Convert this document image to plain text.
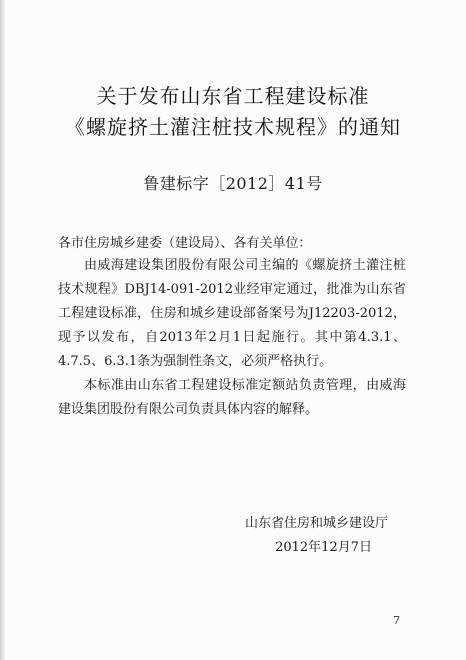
关于发布山东省工程建设标准
《螺旋挤土灌注桩技术规程》的通知
鲁建标字［2012］41号
各市住房城乡建委（建设局）、各有关单位：

由威海建设集团股份有限公司主编的《螺旋挤土灌注桩技术规程》DBJ14-091-2012业经审定通过，批准为山东省工程建设标准，住房和城乡建设部备案号为J12203-2012，现予以发布，自2013年2月1日起施行。其中第4.3.1、4.7.5、6.3.1条为强制性条文，必须严格执行。

本标准由山东省工程建设标准定额站负责管理，由威海建设集团股份有限公司负责具体内容的解释。

山东省住房和城乡建设厅
2012年12月7日
7
